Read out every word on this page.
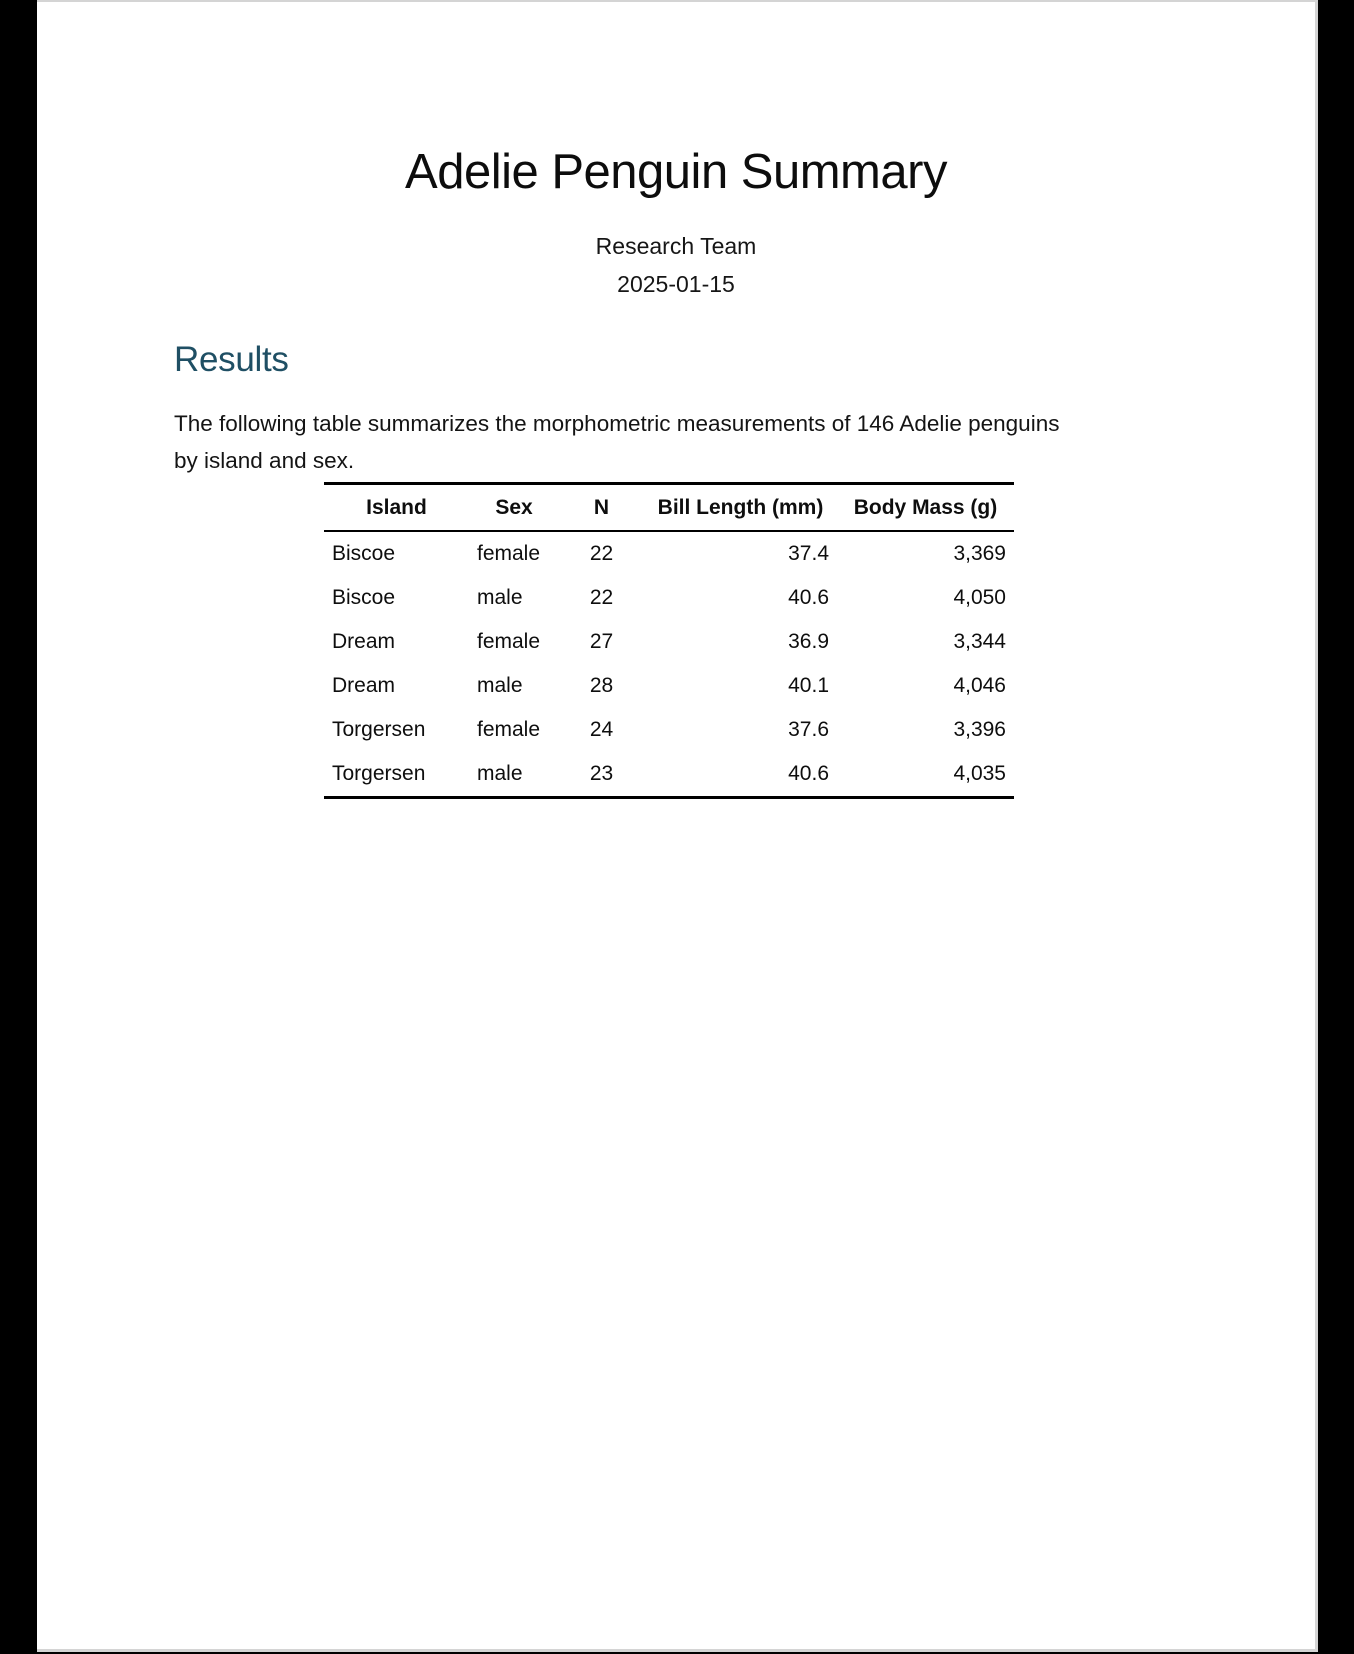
Adelie Penguin Summary
Research Team
2025-01-15
Results
The following table summarizes the morphometric measurements of 146 Adelie penguins
by island and sex.
Island	Sex	N	Bill Length (mm)	Body Mass (g)
Biscoe	female	22	37.4	3,369
Biscoe	male	22	40.6	4,050
Dream	female	27	36.9	3,344
Dream	male	28	40.1	4,046
Torgersen	female	24	37.6	3,396
Torgersen	male	23	40.6	4,035
